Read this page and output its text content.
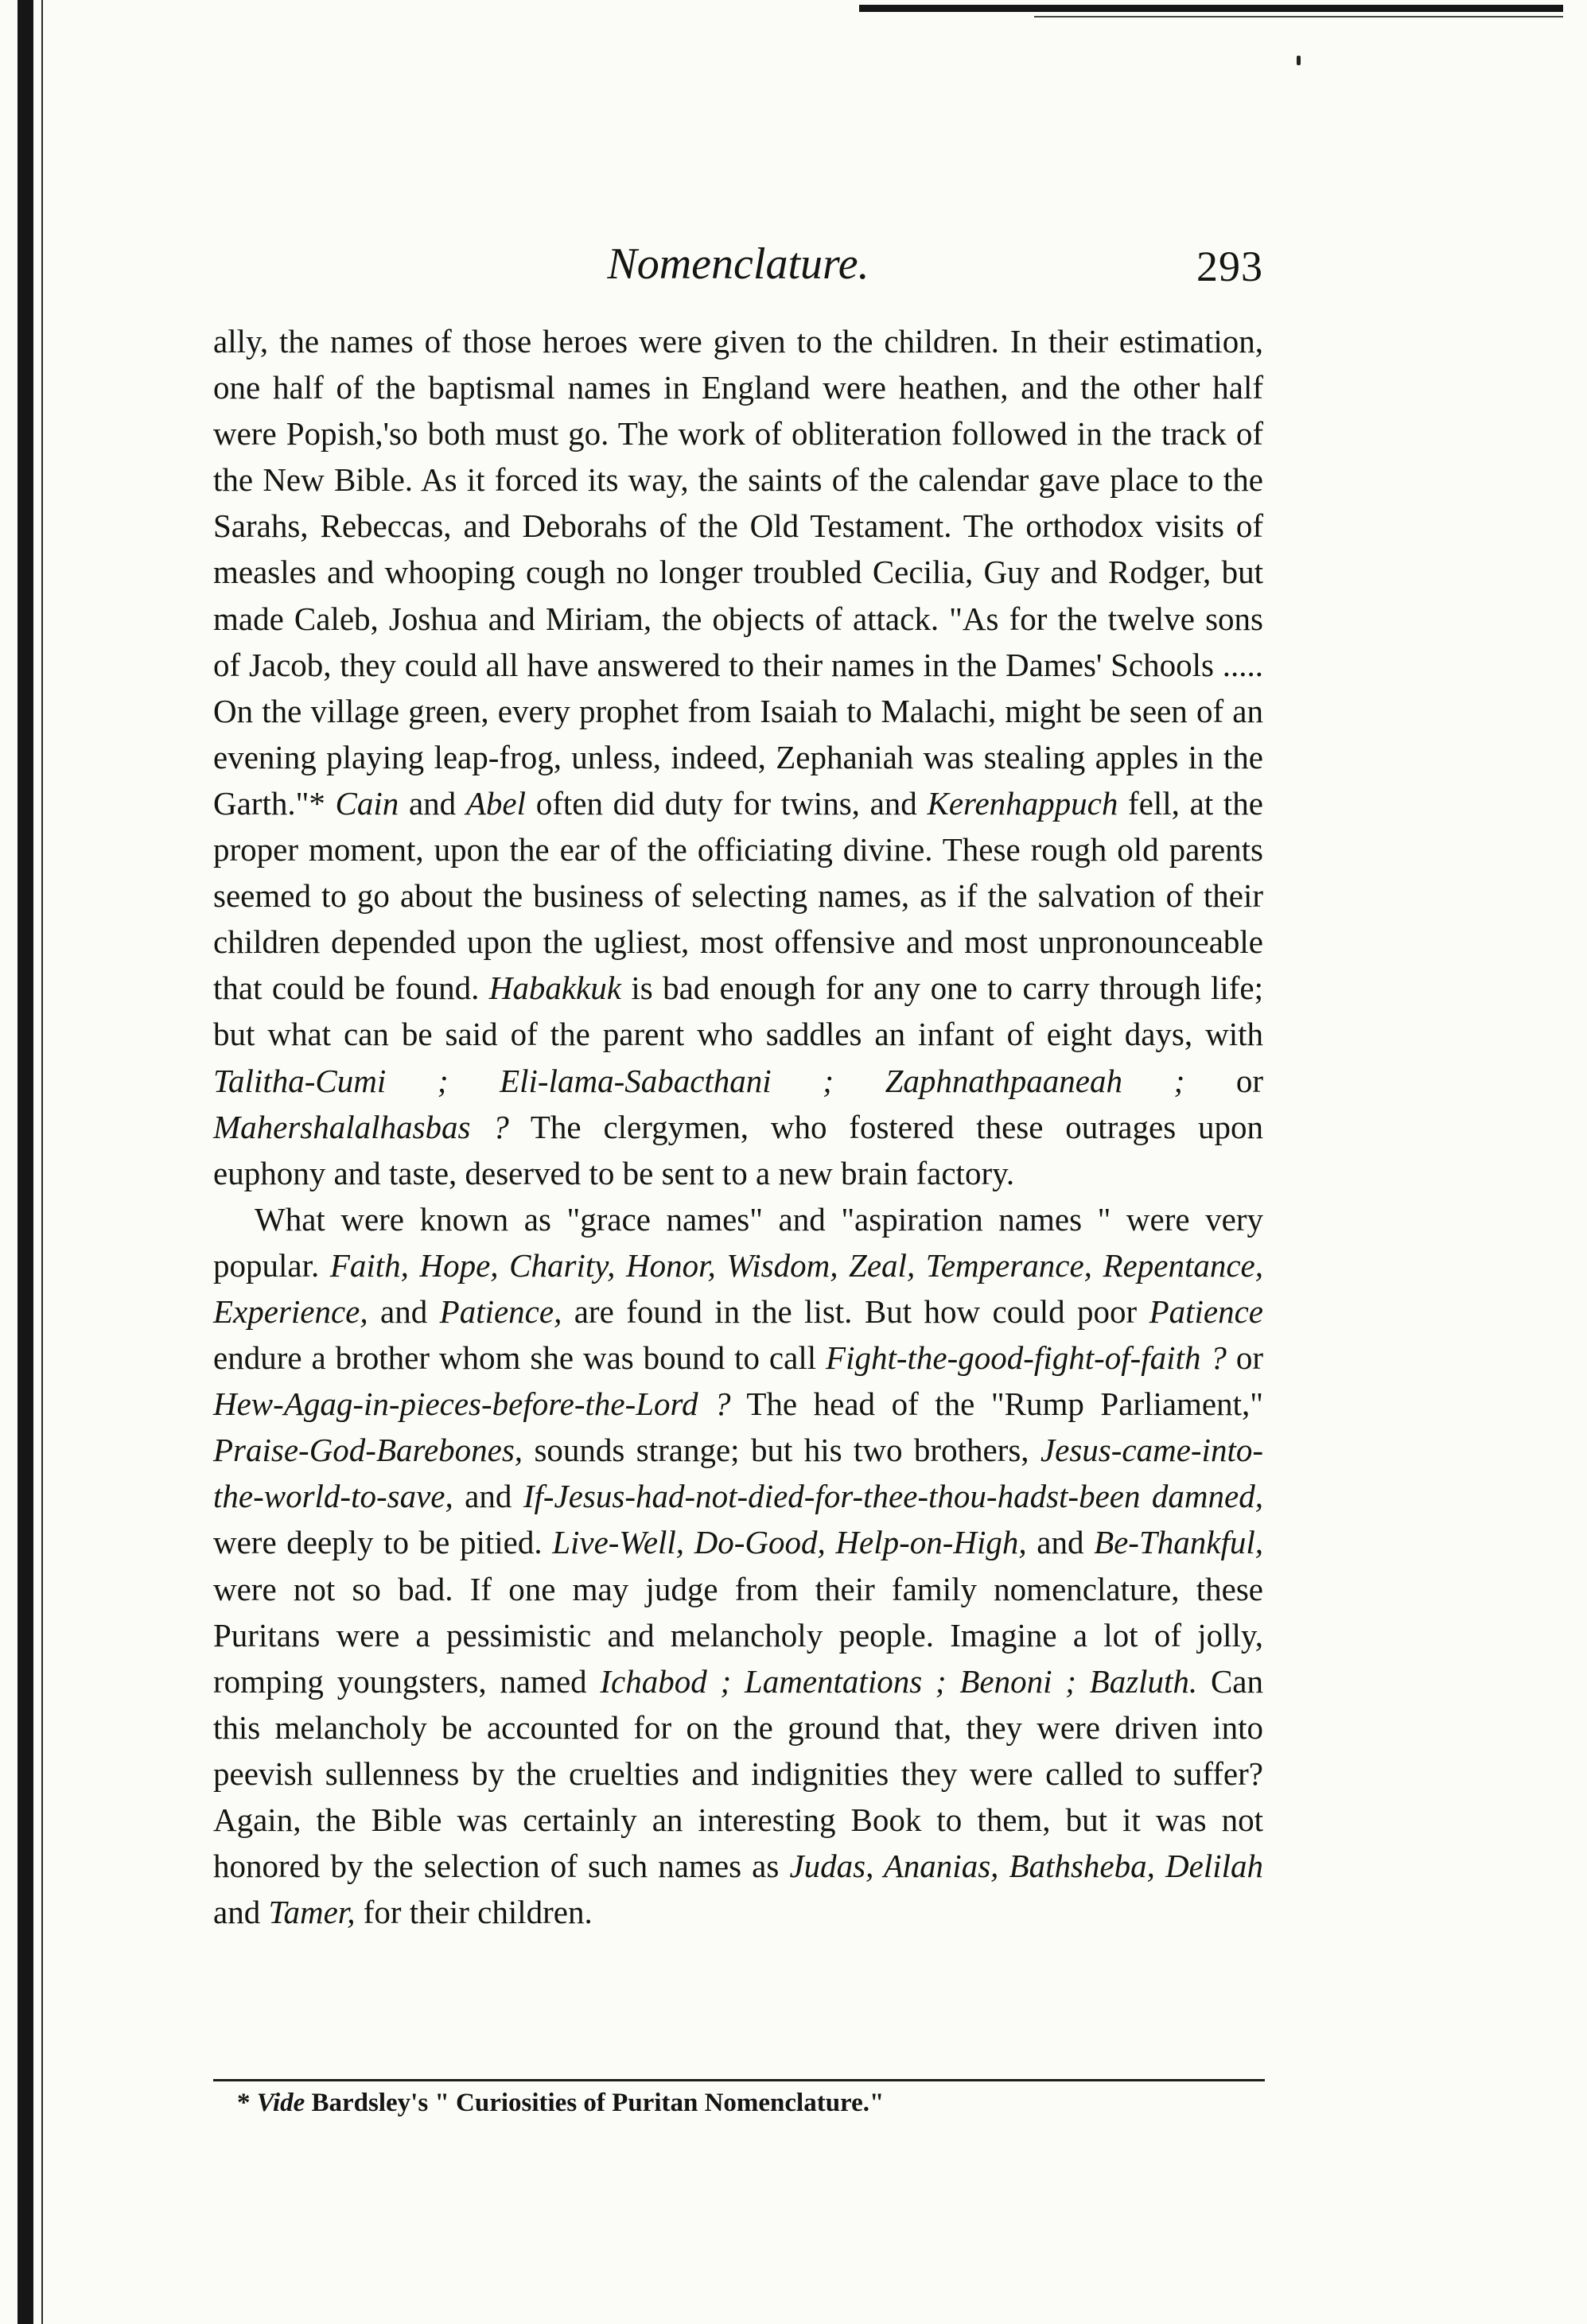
Nomenclature.	293

ally, the names of those heroes were given to the children. In their estimation, one half of the baptismal names in England were heathen, and the other half were Popish,'so both must go. The work of obliteration followed in the track of the New Bible. As it forced its way, the saints of the calendar gave place to the Sarahs, Rebeccas, and Deborahs of the Old Testament. The orthodox visits of measles and whooping cough no longer troubled Cecilia, Guy and Rodger, but made Caleb, Joshua and Miriam, the objects of attack. "As for the twelve sons of Jacob, they could all have answered to their names in the Dames' Schools ..... On the village green, every prophet from Isaiah to Malachi, might be seen of an evening playing leap-frog, unless, indeed, Zephaniah was stealing apples in the Garth."* Cain and Abel often did duty for twins, and Kerenhappuch fell, at the proper moment, upon the ear of the officiating divine. These rough old parents seemed to go about the business of selecting names, as if the salvation of their children depended upon the ugliest, most offensive and most unpronounceable that could be found. Habakkuk is bad enough for any one to carry through life; but what can be said of the parent who saddles an infant of eight days, with Talitha-Cumi ; Eli-lama-Sabacthani ; Zaphnathpaaneah ; or Mahershalalhasbas ? The clergymen, who fostered these outrages upon euphony and taste, deserved to be sent to a new brain factory.

What were known as "grace names" and "aspiration names " were very popular. Faith, Hope, Charity, Honor, Wisdom, Zeal, Temperance, Repentance, Experience, and Patience, are found in the list. But how could poor Patience endure a brother whom she was bound to call Fight-the-good-fight-of-faith ? or Hew-Agag-in-pieces-before-the-Lord ? The head of the "Rump Parliament," Praise-God-Barebones, sounds strange; but his two brothers, Jesus-came-into-the-world-to-save, and If-Jesus-had-not-died-for-thee-thou-hadst-been damned, were deeply to be pitied. Live-Well, Do-Good, Help-on-High, and Be-Thankful, were not so bad. If one may judge from their family nomenclature, these Puritans were a pessimistic and melancholy people. Imagine a lot of jolly, romping youngsters, named Ichabod ; Lamentations ; Benoni ; Bazluth. Can this melancholy be accounted for on the ground that, they were driven into peevish sullenness by the cruelties and indignities they were called to suffer? Again, the Bible was certainly an interesting Book to them, but it was not honored by the selection of such names as Judas, Ananias, Bathsheba, Delilah and Tamer, for their children.

* Vide Bardsley's " Curiosities of Puritan Nomenclature."
